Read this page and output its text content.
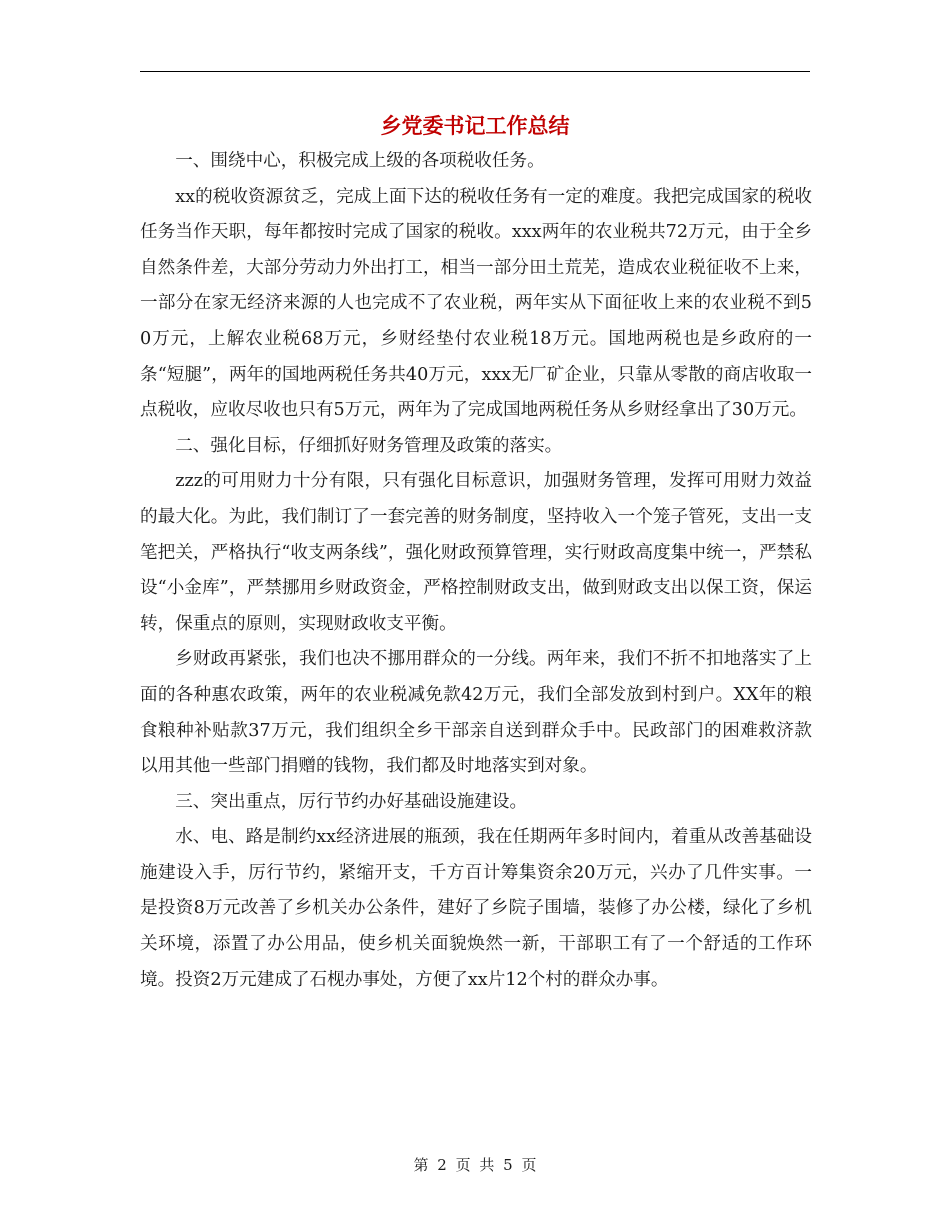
乡党委书记工作总结

一、围绕中心，积极完成上级的各项税收任务。

xx的税收资源贫乏，完成上面下达的税收任务有一定的难度。我把完成国家的税收任务当作天职，每年都按时完成了国家的税收。xxx两年的农业税共72万元，由于全乡自然条件差，大部分劳动力外出打工，相当一部分田土荒芜，造成农业税征收不上来，一部分在家无经济来源的人也完成不了农业税，两年实从下面征收上来的农业税不到50万元，上解农业税68万元，乡财经垫付农业税18万元。国地两税也是乡政府的一条“短腿”，两年的国地两税任务共40万元，xxx无厂矿企业，只靠从零散的商店收取一点税收，应收尽收也只有5万元，两年为了完成国地两税任务从乡财经拿出了30万元。

二、强化目标，仔细抓好财务管理及政策的落实。

zzz的可用财力十分有限，只有强化目标意识，加强财务管理，发挥可用财力效益的最大化。为此，我们制订了一套完善的财务制度，坚持收入一个笼子管死，支出一支笔把关，严格执行“收支两条线”，强化财政预算管理，实行财政高度集中统一，严禁私设“小金库”，严禁挪用乡财政资金，严格控制财政支出，做到财政支出以保工资，保运转，保重点的原则，实现财政收支平衡。

乡财政再紧张，我们也决不挪用群众的一分线。两年来，我们不折不扣地落实了上面的各种惠农政策，两年的农业税减免款42万元，我们全部发放到村到户。XX年的粮食粮种补贴款37万元，我们组织全乡干部亲自送到群众手中。民政部门的困难救济款以用其他一些部门捐赠的钱物，我们都及时地落实到对象。

三、突出重点，厉行节约办好基础设施建设。

水、电、路是制约xx经济进展的瓶颈，我在任期两年多时间内，着重从改善基础设施建设入手，厉行节约，紧缩开支，千方百计筹集资余20万元，兴办了几件实事。一是投资8万元改善了乡机关办公条件，建好了乡院子围墙，装修了办公楼，绿化了乡机关环境，添置了办公用品，使乡机关面貌焕然一新，干部职工有了一个舒适的工作环境。投资2万元建成了石枧办事处，方便了xx片12个村的群众办事。

第 2 页 共 5 页
